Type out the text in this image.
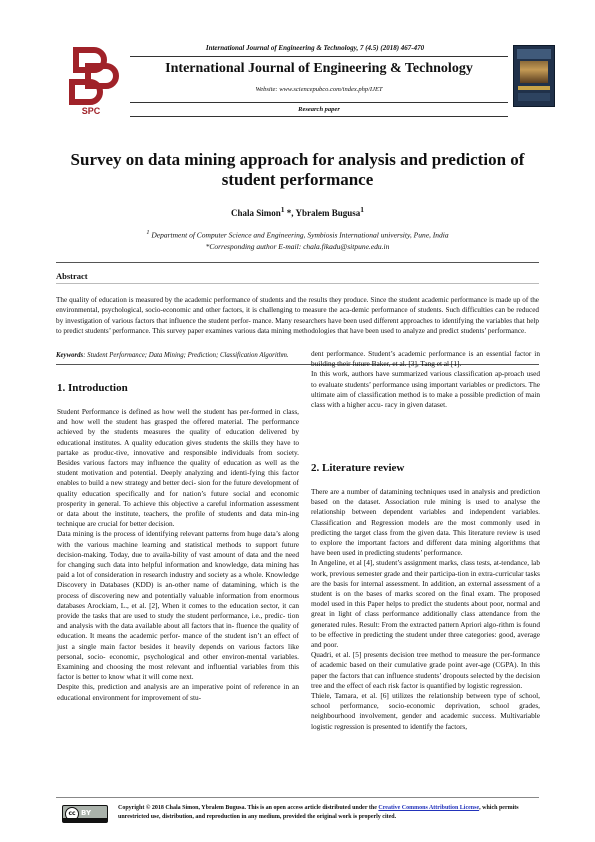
SPC
International Journal of Engineering & Technology, 7 (4.5) (2018) 467-470
International Journal of Engineering & Technology
Website: www.sciencepubco.com/index.php/IJET
Research paper
Survey on data mining approach for analysis and prediction of student performance
Chala Simon$^1$ *, Ybralem Bugusa$^1$
$^1$ Department of Computer Science and Engineering, Symbiosis International university, Pune, India
*Corresponding author E-mail: chala.fikadu@sitpune.edu.in
Abstract
The quality of education is measured by the academic performance of students and the results they produce. Since the student academic performance is made up of the environmental, psychological, socio-economic and other factors, it is challenging to measure the aca-demic performance of students. Such difficulties can be reduced by investigation of various factors that influence the student perfor- mance. Many researchers have been used different approaches to identifying the variables that help to predict students’ performance. This survey paper examines various data mining methodologies that have been used to analyze and predict students’ performance.
Keywords: Student Performance; Data Mining; Prediction; Classification Algorithm.
1. Introduction

Student Performance is defined as how well the student has per-formed in class, and how well the student has grasped the offered material. The performance achieved by the students measures the quality of education delivered by educational institutes. A quality education gives students the skills they have to partake as produc-tive, innovative and responsible individuals from society. Besides various factors may influence the quality of education as well as the student motivation and potential. Deeply analyzing and identi-fying this factor enables to build a new strategy and better deci- sion for the future development of quality education specifically and for nation’s future social and economic prosperity in general. To achieve this objective a careful information assessment or data about the institute, teachers, the profile of students and data min-ing technique are crucial for better decision.

Data mining is the process of identifying relevant patterns from huge data’s along with the various machine learning and statistical methods to support future decision-making. Today, due to availa-bility of vast amount of data and the need for changing such data into helpful information and knowledge, data mining has paid a lot of consideration in research industry and society as a whole. Knowledge Discovery in Databases (KDD) is an-other name of datamining, which is the process of discovering new and potentially valuable information from enormous databases Arockiam, L., et al. [2], When it comes to the education sector, it can provide the tasks that are used to study the student performance, i.e., predic- tion and analysis with the data available about all factors that in- fluence the quality of education. It means the academic perfor- mance of the student isn’t an effect of just a single main factor besides it heavily depends on various factors like personal, socio- economic, psychological and other environ-mental variables. Examining and choosing the most relevant and influential variables from this factor is better to know what it will come next.

Despite this, prediction and analysis are an imperative point of reference in an educational environment for improvement of stu-

dent performance. Student’s academic performance is an essential factor in building their future Baker, et al. [3], Tang et al [1].

In this work, authors have summarized various classification ap-proach used to evaluate students’ performance using important variables or predictors. The ultimate aim of classification method is to make a possible prediction of main class with a higher accu- racy in given dataset.

2. Literature review

There are a number of datamining techniques used in analysis and prediction based on the dataset. Association rule mining is used to analyse the relationship between dependent variables and independent variables. Classification and Regression models are the most commonly used in predicting the target class from the given data. This literature review is used to explore the important factors and different data mining algorithms that have been used in predicting students’ performance.

In Angeline, et al [4], student’s assignment marks, class tests, at-tendance, lab work, previous semester grade and their participa-tion in extra-curricular tasks are the basis for internal assessment. In addition, an external assessment of a student is on the bases of marks scored on the final exam. The proposed model used in this Paper helps to predict the students about poor, normal and great in light of class performance additionally class attendance from the generated rules. Result: From the extracted pattern Apriori algo-rithm is found to be effective in predicting the student under three categories: good, average and poor.

Quadri, et al. [5] presents decision tree method to measure the per-formance of academic based on their cumulative grade point aver-age (CGPA). In this paper the factors that can influence students’ dropouts selected by the decision tree and the effect of each risk factor is quantified by logistic regression.

Thiele, Tamara, et al. [6] utilizes the relationship between type of school, school performance, socio-economic deprivation, school grades, neighbourhood involvement, gender and academic success. Multivariable logistic regression is presented to identify the factors,

cc BY
Copyright © 2018 Chala Simon, Ybralem Bugusa. This is an open access article distributed under the Creative Commons Attribution License, which permits unrestricted use, distribution, and reproduction in any medium, provided the original work is properly cited.
